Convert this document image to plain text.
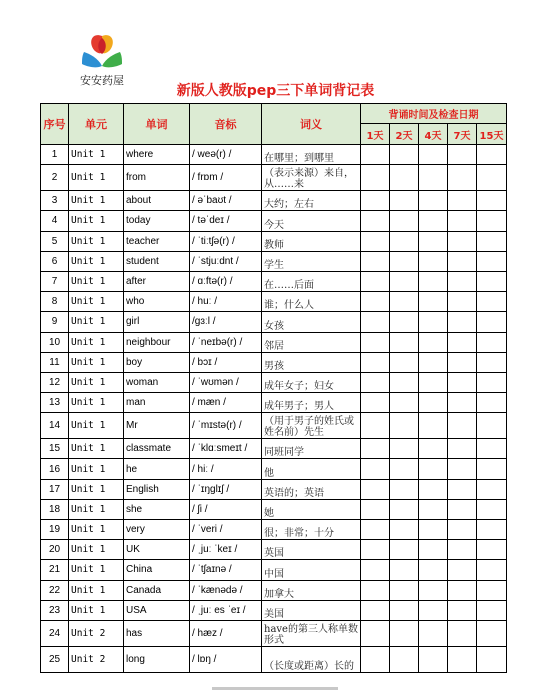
安安药屋
新版人教版pep三下单词背记表
序号	单元	单词	音标	词义	背诵时间及检查日期				
					1天	2天	4天	7天	15天
1	Unit 1	where	/ weə(r) /	在哪里；到哪里					
2	Unit 1	from	/ frɒm /	（表示来源）来自，从……来					
3	Unit 1	about	/ əˈbaʊt /	大约；左右					
4	Unit 1	today	/ təˈdeɪ /	今天					
5	Unit 1	teacher	/ ˈtiːtʃə(r) /	教师					
6	Unit 1	student	/ ˈstjuːdnt /	学生					
7	Unit 1	after	/ ɑːftə(r) /	在……后面					
8	Unit 1	who	/ huː /	谁；什么人					
9	Unit 1	girl	/ɡɜːl /	女孩					
10	Unit 1	neighbour	/ ˈneɪbə(r) /	邻居					
11	Unit 1	boy	/ bɔɪ /	男孩					
12	Unit 1	woman	/ ˈwʊmən /	成年女子；妇女					
13	Unit 1	man	/ mæn /	成年男子；男人					
14	Unit 1	Mr	/ ˈmɪstə(r) /	（用于男子的姓氏或姓名前）先生					
15	Unit 1	classmate	/ ˈklɑːsmeɪt /	同班同学					
16	Unit 1	he	/ hiː /	他					
17	Unit 1	English	/ ˈɪŋɡlɪʃ /	英语的；英语					
18	Unit 1	she	/ ʃi /	她					
19	Unit 1	very	/ ˈveri /	很；非常；十分					
20	Unit 1	UK	/ ˌjuː ˈkeɪ /	英国					
21	Unit 1	China	/ ˈtʃaɪnə /	中国					
22	Unit 1	Canada	/ ˈkænədə /	加拿大					
23	Unit 1	USA	/ ˌjuː es ˈeɪ /	美国					
24	Unit 2	has	/ hæz /	have的第三人称单数形式					
25	Unit 2	long	/ lɒŋ /	（长度或距离）长的					
